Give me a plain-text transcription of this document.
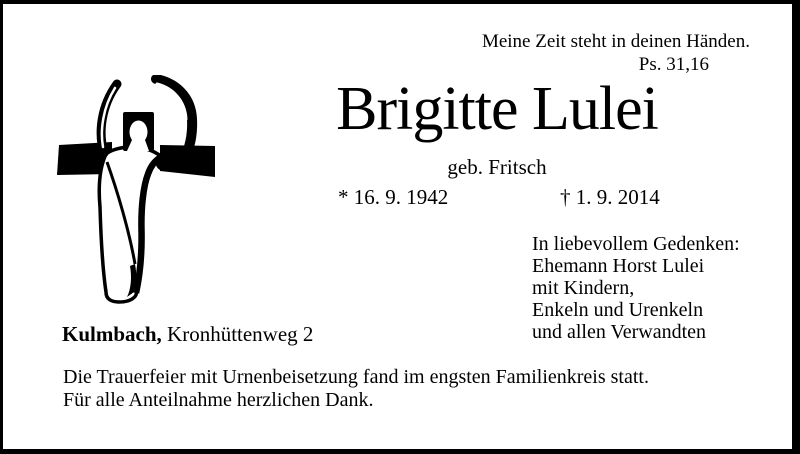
Meine Zeit steht in deinen Händen.
Ps. 31,16
Brigitte Lulei
geb. Fritsch
* 16. 9. 1942	† 1. 9. 2014
In liebevollem Gedenken:
Ehemann Horst Lulei
mit Kindern,
Enkeln und Urenkeln
und allen Verwandten
Kulmbach, Kronhüttenweg 2
Die Trauerfeier mit Urnenbeisetzung fand im engsten Familienkreis statt.
Für alle Anteilnahme herzlichen Dank.
